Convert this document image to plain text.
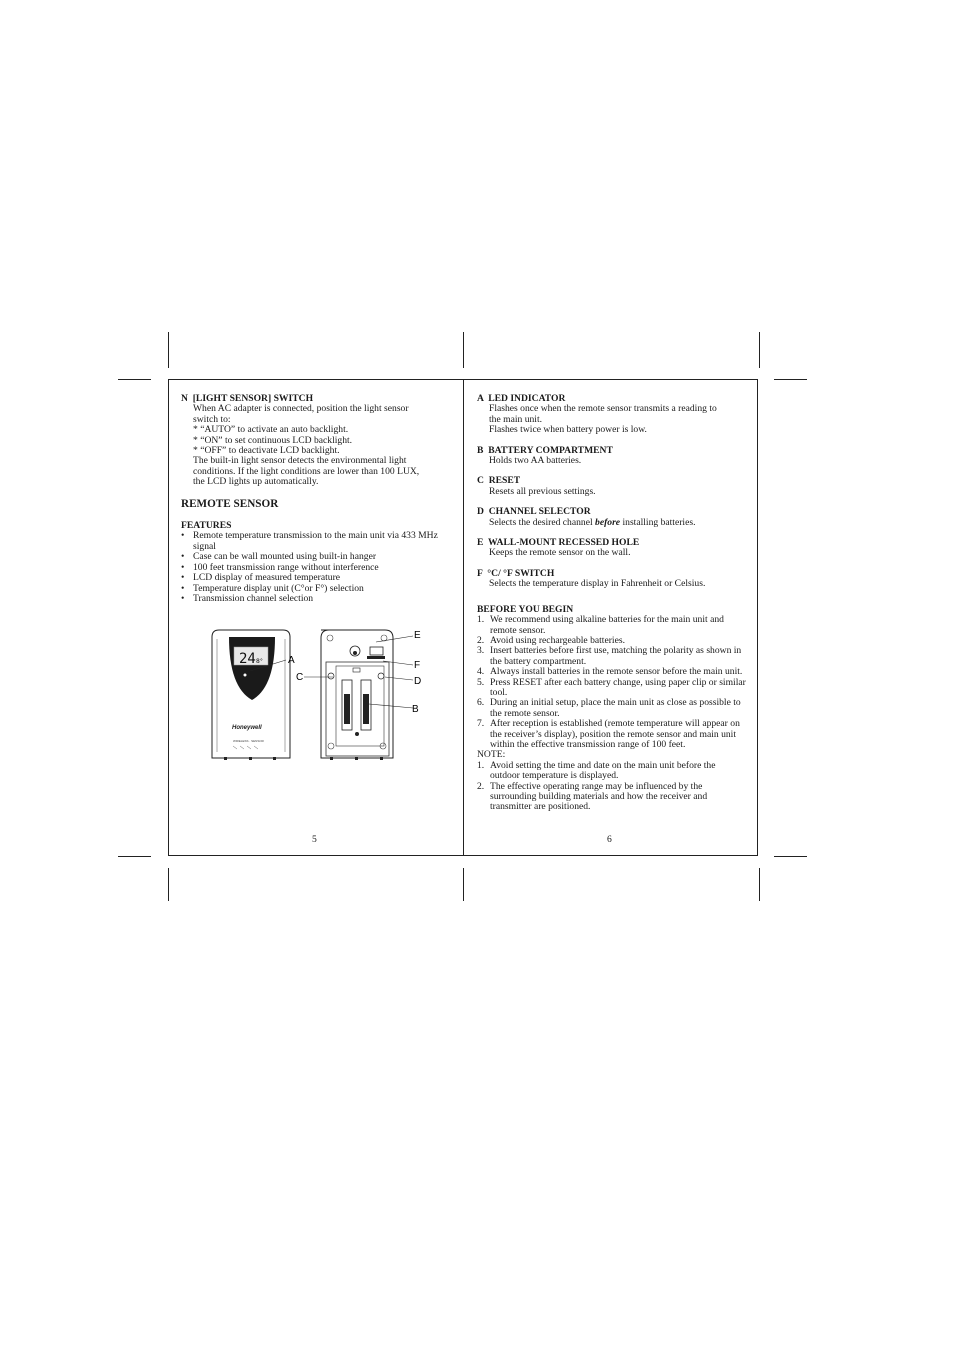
N  [LIGHT SENSOR] SWITCH
When AC adapter is connected, position the light sensor
switch to:
* “AUTO” to activate an auto backlight.
* “ON” to set continuous LCD backlight.
* “OFF” to deactivate LCD backlight.
The built-in light sensor detects the environmental light
conditions. If the light conditions are lower than 100 LUX,
the LCD lights up automatically.
REMOTE SENSOR
FEATURES
• Remote temperature transmission to the main unit via 433 MHz signal
• Case can be wall mounted using built-in hanger
• 100 feet transmission range without interference
• LCD display of measured temperature
• Temperature display unit (C°or F°) selection
• Transmission channel selection
24 8°
Honeywell
WIRELESS · SENSOR
A
E
F
C	D
B
5
A  LED INDICATOR
Flashes once when the remote sensor transmits a reading to
the main unit.
Flashes twice when battery power is low.
B  BATTERY COMPARTMENT
Holds two AA batteries.
C  RESET
Resets all previous settings.
D  CHANNEL SELECTOR
Selects the desired channel before installing batteries.
E  WALL-MOUNT RECESSED HOLE
Keeps the remote sensor on the wall.
F  °C/ °F SWITCH
Selects the temperature display in Fahrenheit or Celsius.
BEFORE YOU BEGIN
1. We recommend using alkaline batteries for the main unit and remote sensor.
2. Avoid using rechargeable batteries.
3. Insert batteries before first use, matching the polarity as shown in the battery compartment.
4. Always install batteries in the remote sensor before the main unit.
5. Press RESET after each battery change, using paper clip or similar tool.
6. During an initial setup, place the main unit as close as possible to the remote sensor.
7. After reception is established (remote temperature will appear on the receiver’s display), position the remote sensor and main unit within the effective transmission range of 100 feet.
NOTE:
1. Avoid setting the time and date on the main unit before the outdoor temperature is displayed.
2. The effective operating range may be influenced by the surrounding building materials and how the receiver and transmitter are positioned.
6
